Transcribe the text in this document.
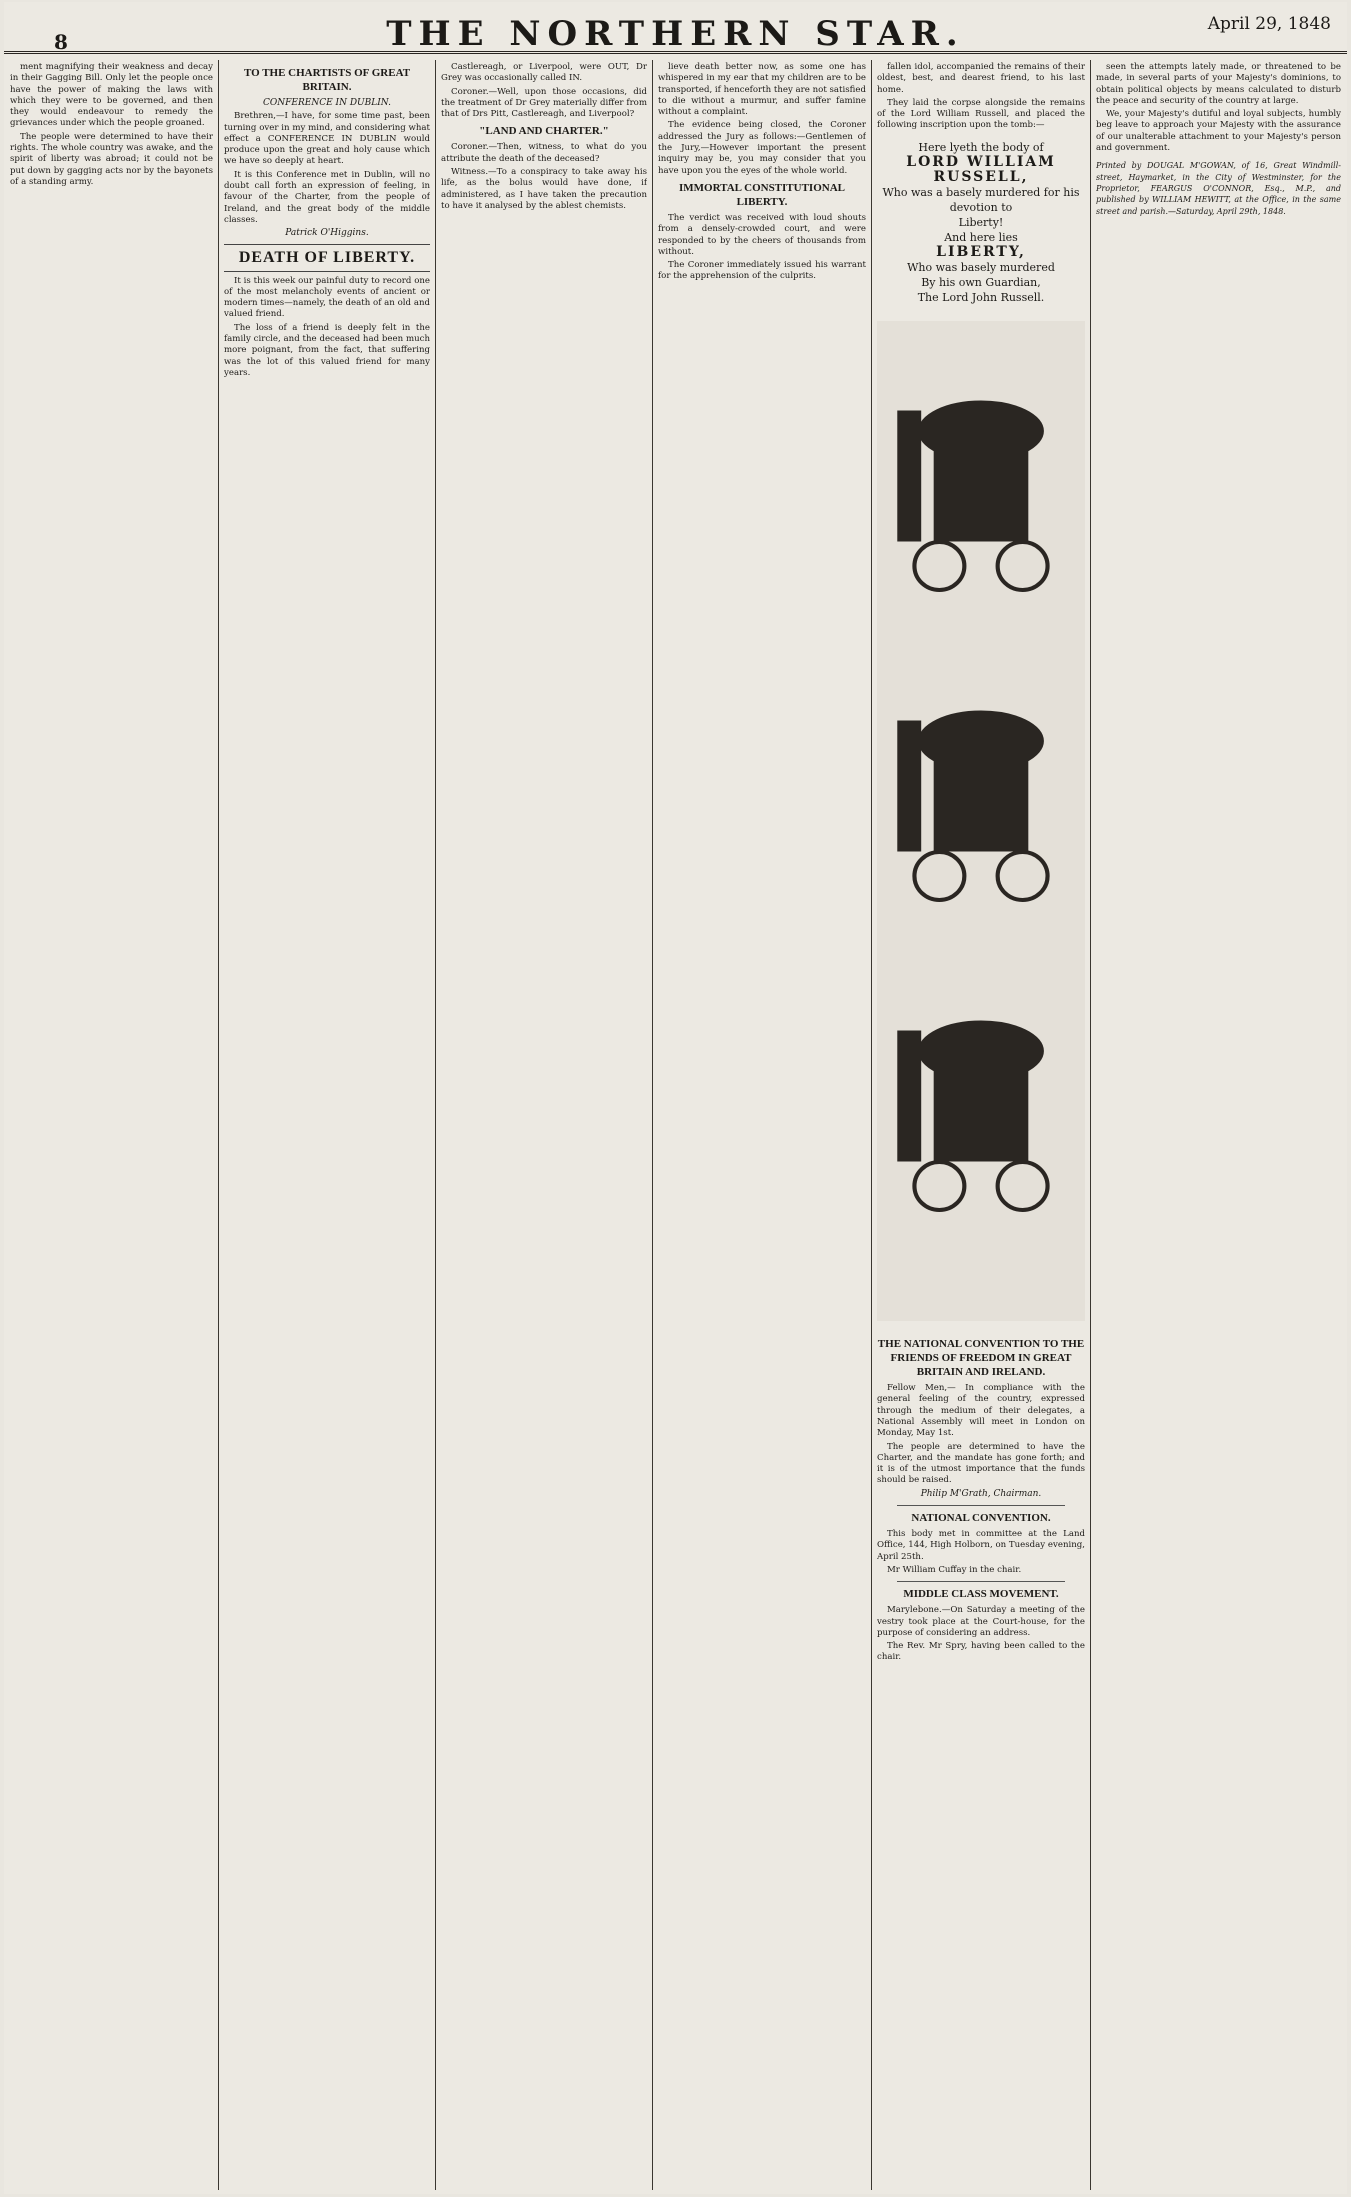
8	THE NORTHERN STAR.	April 29, 1848
ment magnifying their weakness and decay in their Gagging Bill. Only let the people once have the power of making the laws with which they were to be governed, and then they would endeavour to remedy the grievances under which the people groaned.
The people were determined to have their rights. The whole country was awake, and the spirit of liberty was abroad; it could not be put down by gagging acts nor by the bayonets of a standing army.
TO THE CHARTISTS OF GREAT BRITAIN.
CONFERENCE IN DUBLIN.
Brethren,—I have, for some time past, been turning over in my mind, and considering what effect a CONFERENCE IN DUBLIN would produce upon the great and holy cause which we have so deeply at heart.
It is this Conference met in Dublin, will no doubt call forth an expression of feeling, in favour of the Charter, from the people of Ireland, and the great body of the middle classes.
Patrick O'Higgins.
DEATH OF LIBERTY.
It is this week our painful duty to record one of the most melancholy events of ancient or modern times—namely, the death of an old and valued friend.
The loss of a friend is deeply felt in the family circle, and the deceased had been much more poignant, from the fact, that suffering was the lot of this valued friend for many years.
Castlereagh, or Liverpool, were OUT, Dr Grey was occasionally called IN.
Coroner.—Well, upon those occasions, did the treatment of Dr Grey materially differ from that of Drs Pitt, Castlereagh, and Liverpool?
"LAND AND CHARTER."
Coroner.—Then, witness, to what do you attribute the death of the deceased?
Witness.—To a conspiracy to take away his life, as the bolus would have done, if administered, as I have taken the precaution to have it analysed by the ablest chemists.
lieve death better now, as some one has whispered in my ear that my children are to be transported, if henceforth they are not satisfied to die without a murmur, and suffer famine without a complaint.
The evidence being closed, the Coroner addressed the Jury as follows:—Gentlemen of the Jury,—However important the present inquiry may be, you may consider that you have upon you the eyes of the whole world.
IMMORTAL CONSTITUTIONAL LIBERTY.
The verdict was received with loud shouts from a densely-crowded court, and were responded to by the cheers of thousands from without.
The Coroner immediately issued his warrant for the apprehension of the culprits.
fallen idol, accompanied the remains of their oldest, best, and dearest friend, to his last home.
They laid the corpse alongside the remains of the Lord William Russell, and placed the following inscription upon the tomb:—
Here lyeth the body of
LORD WILLIAM RUSSELL,
Who was a basely murdered for his devotion to
Liberty!
And here lies
LIBERTY,
Who was basely murdered
By his own Guardian,
The Lord John Russell.
THE NATIONAL CONVENTION TO THE FRIENDS OF FREEDOM IN GREAT BRITAIN AND IRELAND.
Fellow Men,— In compliance with the general feeling of the country, expressed through the medium of their delegates, a National Assembly will meet in London on Monday, May 1st.
The people are determined to have the Charter, and the mandate has gone forth; and it is of the utmost importance that the funds should be raised.
Philip M'Grath, Chairman.
NATIONAL CONVENTION.
This body met in committee at the Land Office, 144, High Holborn, on Tuesday evening, April 25th.
Mr William Cuffay in the chair.
MIDDLE CLASS MOVEMENT.
Marylebone.—On Saturday a meeting of the vestry took place at the Court-house, for the purpose of considering an address.
The Rev. Mr Spry, having been called to the chair.
seen the attempts lately made, or threatened to be made, in several parts of your Majesty's dominions, to obtain political objects by means calculated to disturb the peace and security of the country at large.
We, your Majesty's dutiful and loyal subjects, humbly beg leave to approach your Majesty with the assurance of our unalterable attachment to your Majesty's person and government.
Printed by DOUGAL M'GOWAN, of 16, Great Windmill-street, Haymarket, in the City of Westminster, for the Proprietor, FEARGUS O'CONNOR, Esq., M.P., and published by WILLIAM HEWITT, at the Office, in the same street and parish.—Saturday, April 29th, 1848.
